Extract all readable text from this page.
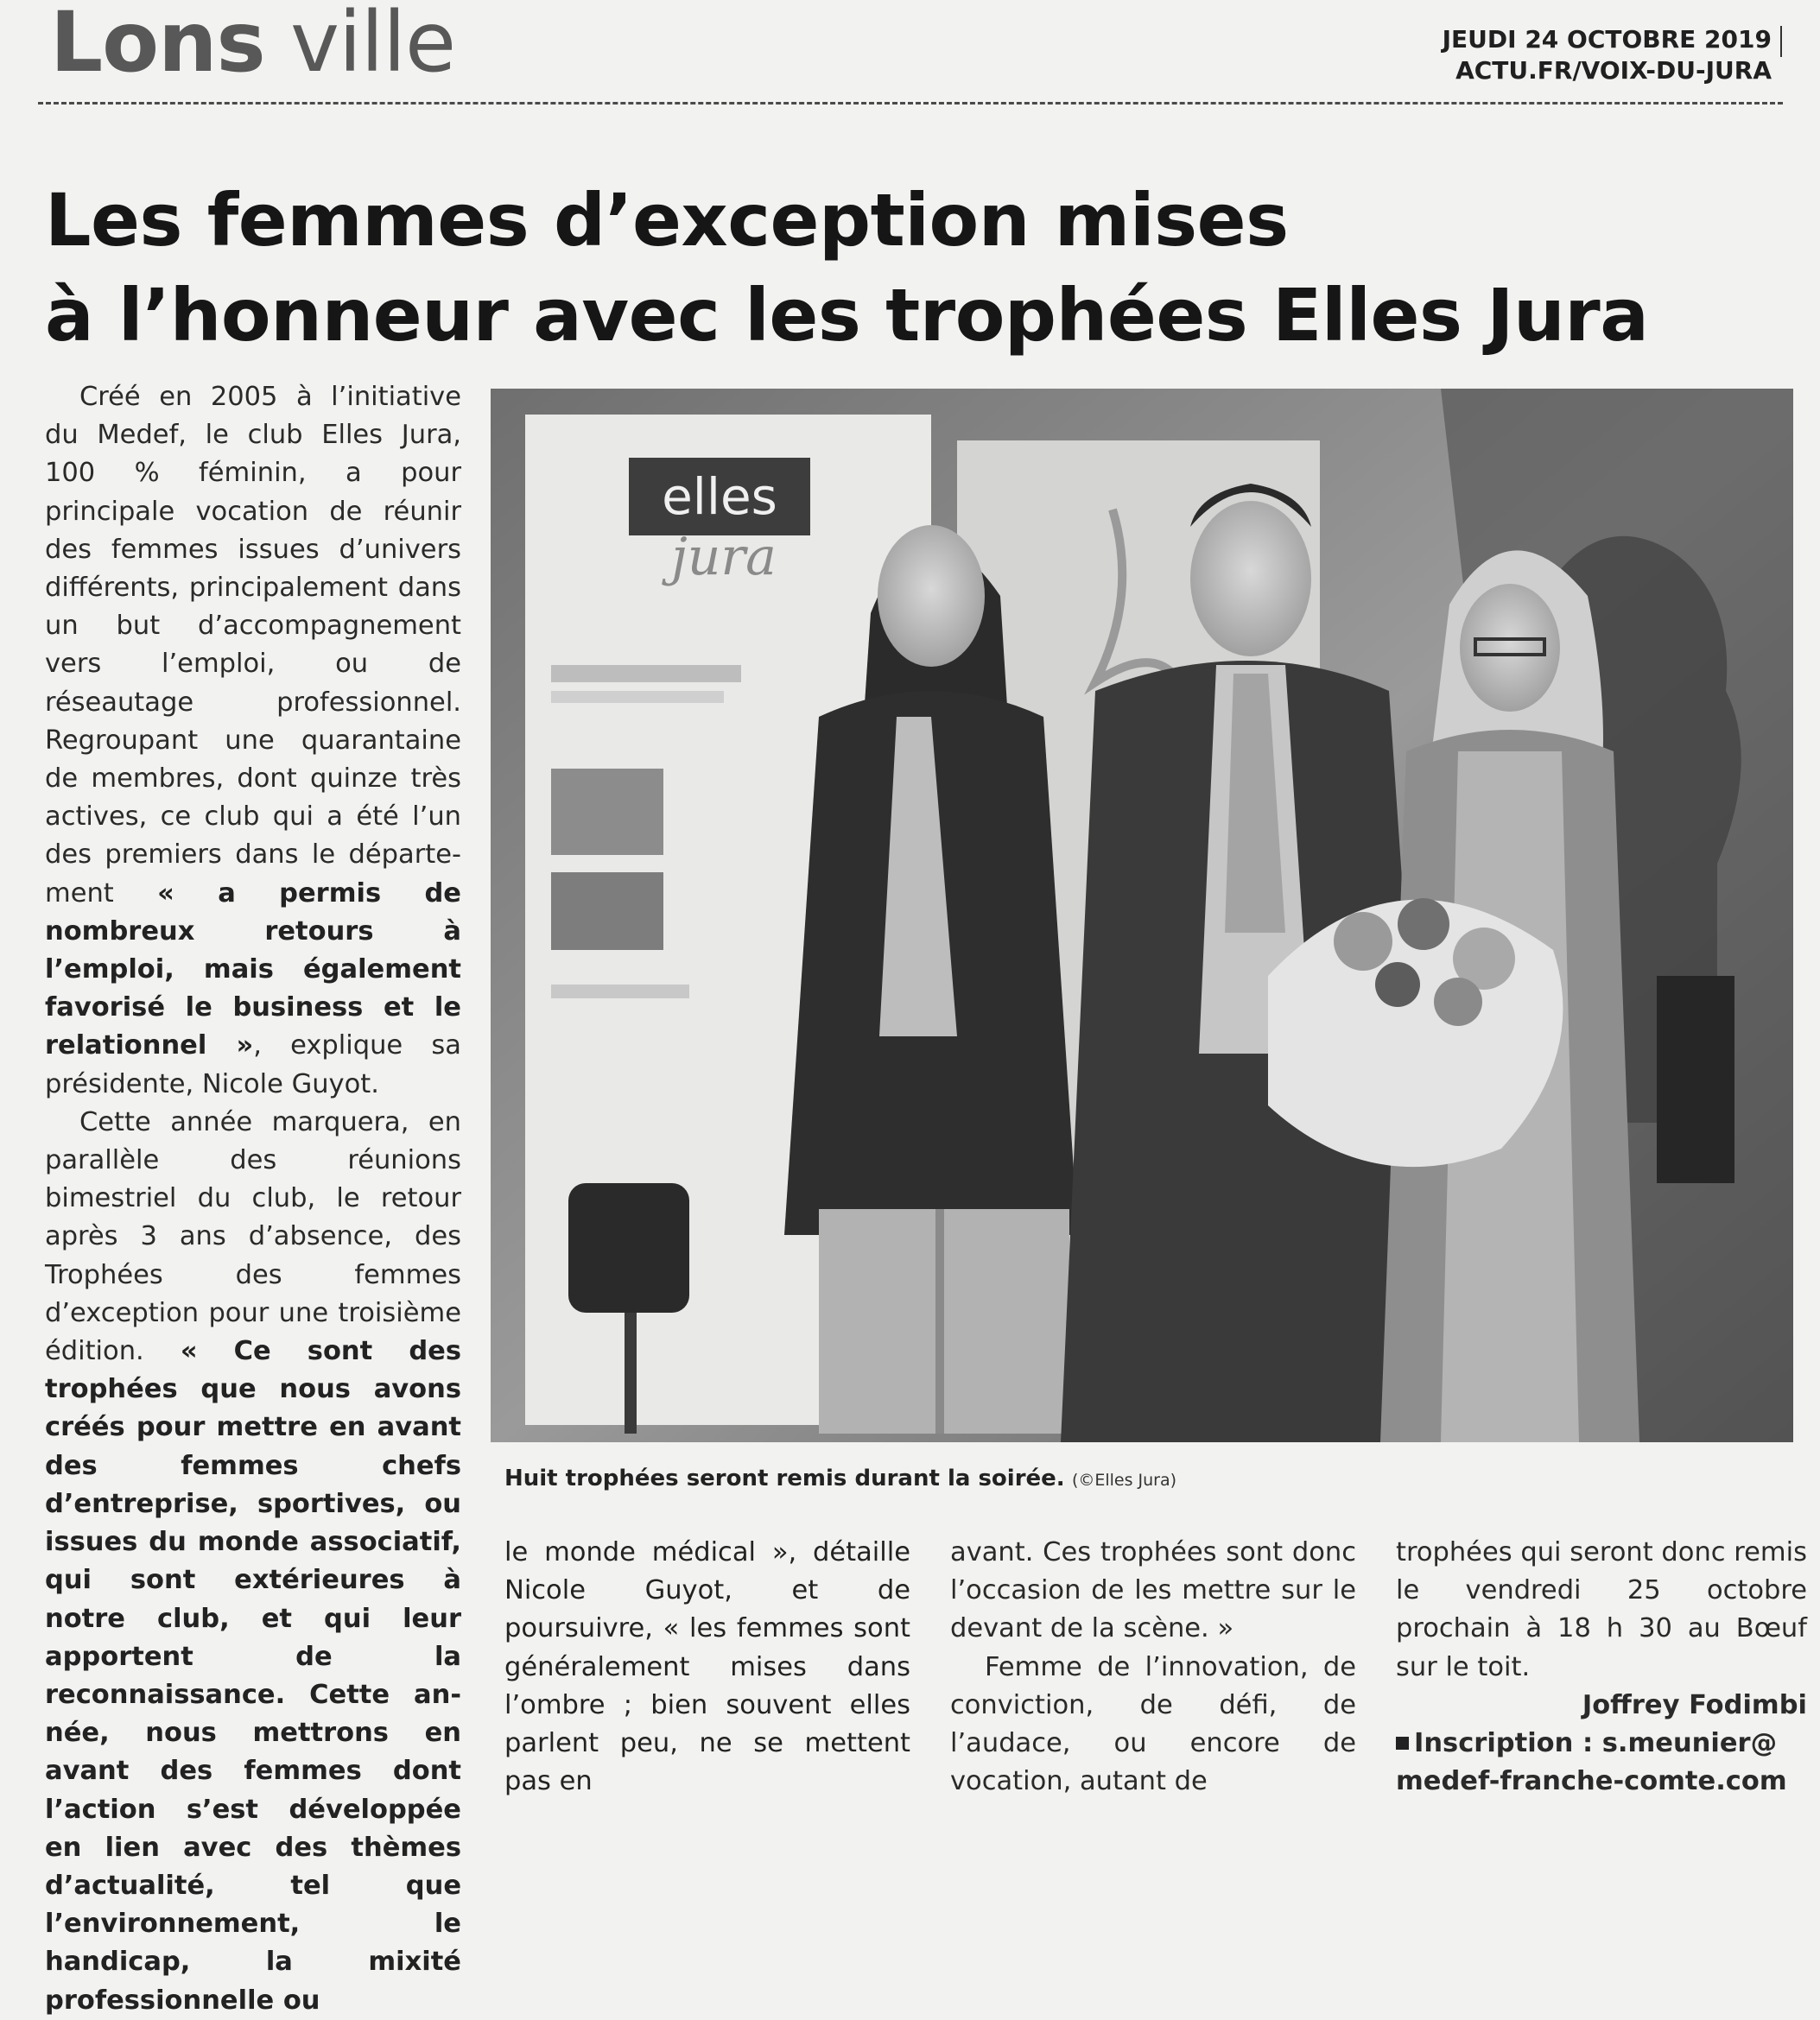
Lons ville	JEUDI 24 OCTOBRE 2019
ACTU.FR/VOIX-DU-JURA
Les femmes d’exception mises
à l’honneur avec les trophées Elles Jura

Créé en 2005 à l’initiative du Medef, le club Elles Jura, 100 % féminin, a pour principale vocation de réunir des femmes issues d’univers différents, principalement dans un but d’accompagnement vers l’emploi, ou de réseautage professionnel. Regroupant une quarantaine de membres, dont quinze très actives, ce club qui a été l’un des premiers dans le département « a permis de nombreux retours à l’emploi, mais également favorisé le business et le relationnel », explique sa présidente, Nicole Guyot.

Cette année marquera, en parallèle des réunions bimestriel du club, le retour après 3 ans d’absence, des Trophées des femmes d’exception pour une troisième édition. « Ce sont des trophées que nous avons créés pour mettre en avant des femmes chefs d’entreprise, sportives, ou issues du monde associatif, qui sont extérieures à notre club, et qui leur apportent de la reconnaissance. Cette année, nous mettrons en avant des femmes dont l’action s’est développée en lien avec des thèmes d’actualité, tel que l’environnement, le handicap, la mixité professionnelle ou

elles
jura
Huit trophées seront remis durant la soirée. (©Elles Jura)

le monde médical », détaille Nicole Guyot, et de poursuivre, « les femmes sont généralement mises dans l’ombre ; bien souvent elles parlent peu, ne se mettent pas en

avant. Ces trophées sont donc l’occasion de les mettre sur le devant de la scène. »

Femme de l’innovation, de conviction, de défi, de l’audace, ou encore de vocation, autant de

trophées qui seront donc remis le vendredi 25 octobre prochain à 18 h 30 au Bœuf sur le toit.

Joffrey Fodimbi

Inscription : s.meunier@

medef-franche-comte.com
